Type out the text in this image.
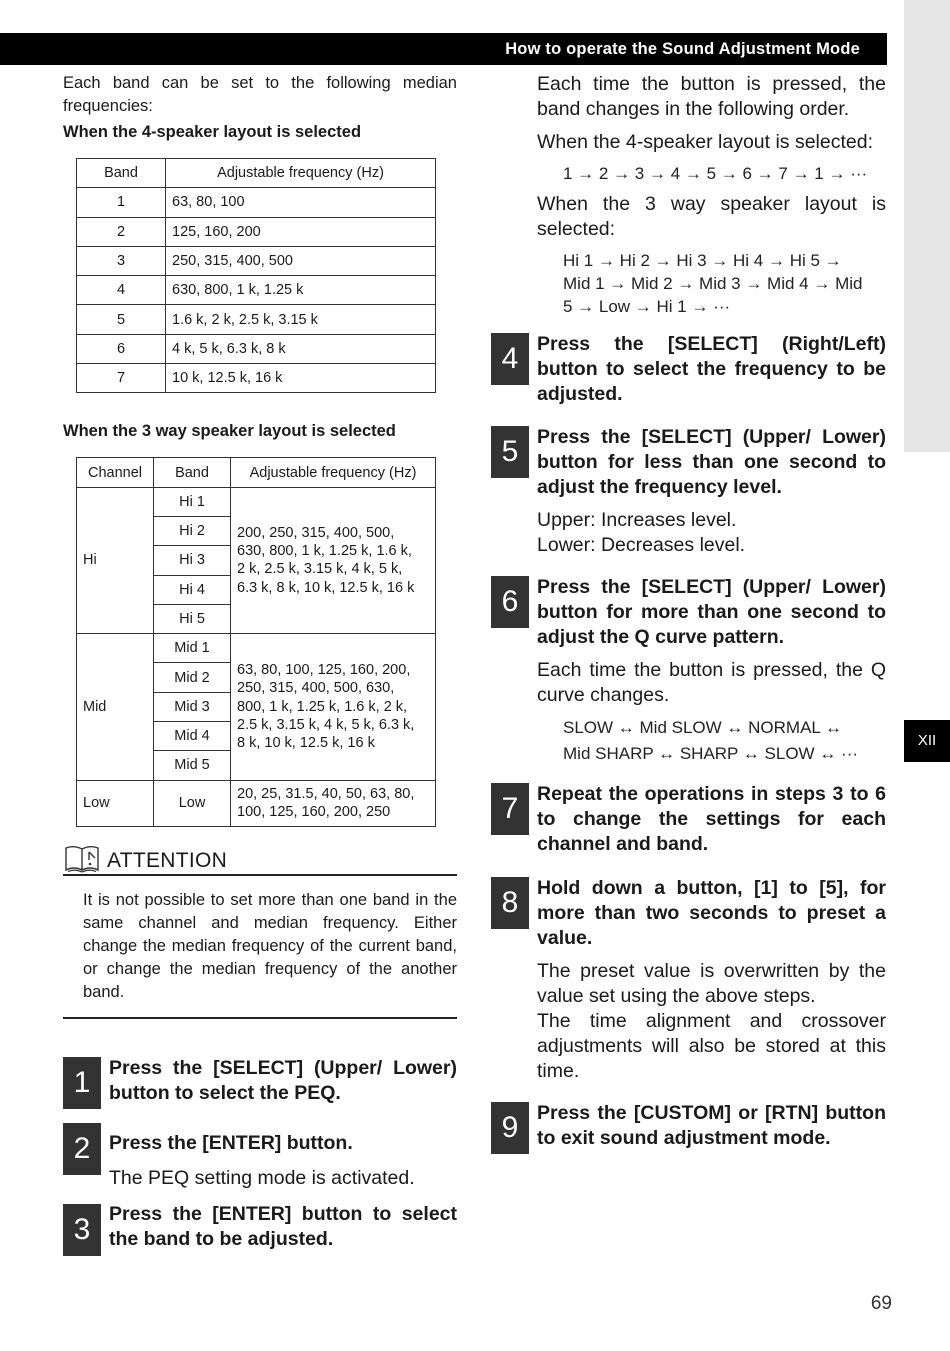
How to operate the Sound Adjustment Mode
XII
69

Each band can be set to the following median frequencies:

When the 4-speaker layout is selected

Band	Adjustable frequency (Hz)
1	63, 80, 100
2	125, 160, 200
3	250, 315, 400, 500
4	630, 800, 1 k, 1.25 k
5	1.6 k, 2 k, 2.5 k, 3.15 k
6	4 k, 5 k, 6.3 k, 8 k
7	10 k, 12.5 k, 16 k

When the 3 way speaker layout is selected

Channel	Band	Adjustable frequency (Hz)
Hi	Hi 1	200, 250, 315, 400, 500,
630, 800, 1 k, 1.25 k, 1.6 k,
2 k, 2.5 k, 3.15 k, 4 k, 5 k,
6.3 k, 8 k, 10 k, 12.5 k, 16 k

	Hi 2	
	Hi 3	
	Hi 4	
	Hi 5	
Mid	Mid 1	63, 80, 100, 125, 160, 200,
250, 315, 400, 500, 630,
800, 1 k, 1.25 k, 1.6 k, 2 k,
2.5 k, 3.15 k, 4 k, 5 k, 6.3 k,
8 k, 10 k, 12.5 k, 16 k

	Mid 2	
	Mid 3	
	Mid 4	
	Mid 5	
Low	Low	20, 25, 31.5, 40, 50, 63, 80,
100, 125, 160, 200, 250
ATTENTION

It is not possible to set more than one band in the same channel and median frequency. Either change the median frequency of the current band, or change the median frequency of the another band.

1 Press the [SELECT] (Upper/ Lower) button to select the PEQ.
2 Press the [ENTER] button.

The PEQ setting mode is activated.

3 Press the [ENTER] button to select the band to be adjusted.

Each time the button is pressed, the band changes in the following order.

When the 4-speaker layout is selected:

1 → 2 → 3 → 4 → 5 → 6 → 7 → 1 → ···

When the 3 way speaker layout is selected:

Hi 1 → Hi 2 → Hi 3 → Hi 4 → Hi 5 →
Mid 1 → Mid 2 → Mid 3 → Mid 4 → Mid
5 → Low → Hi 1 → ···
4 Press the [SELECT] (Right/Left) button to select the frequency to be adjusted.
5 Press the [SELECT] (Upper/ Lower) button for less than one second to adjust the frequency level.
Upper: Increases level.
Lower: Decreases level.
6 Press the [SELECT] (Upper/ Lower) button for more than one second to adjust the Q curve pattern.

Each time the button is pressed, the Q curve changes.

SLOW ↔ Mid SLOW ↔ NORMAL ↔
Mid SHARP ↔ SHARP ↔ SLOW ↔ ···
7 Repeat the operations in steps 3 to 6 to change the settings for each channel and band.
8 Hold down a button, [1] to [5], for more than two seconds to preset a value.
The preset value is overwritten by the value set using the above steps.
The time alignment and crossover adjustments will also be stored at this time.
9 Press the [CUSTOM] or [RTN] button to exit sound adjustment mode.
